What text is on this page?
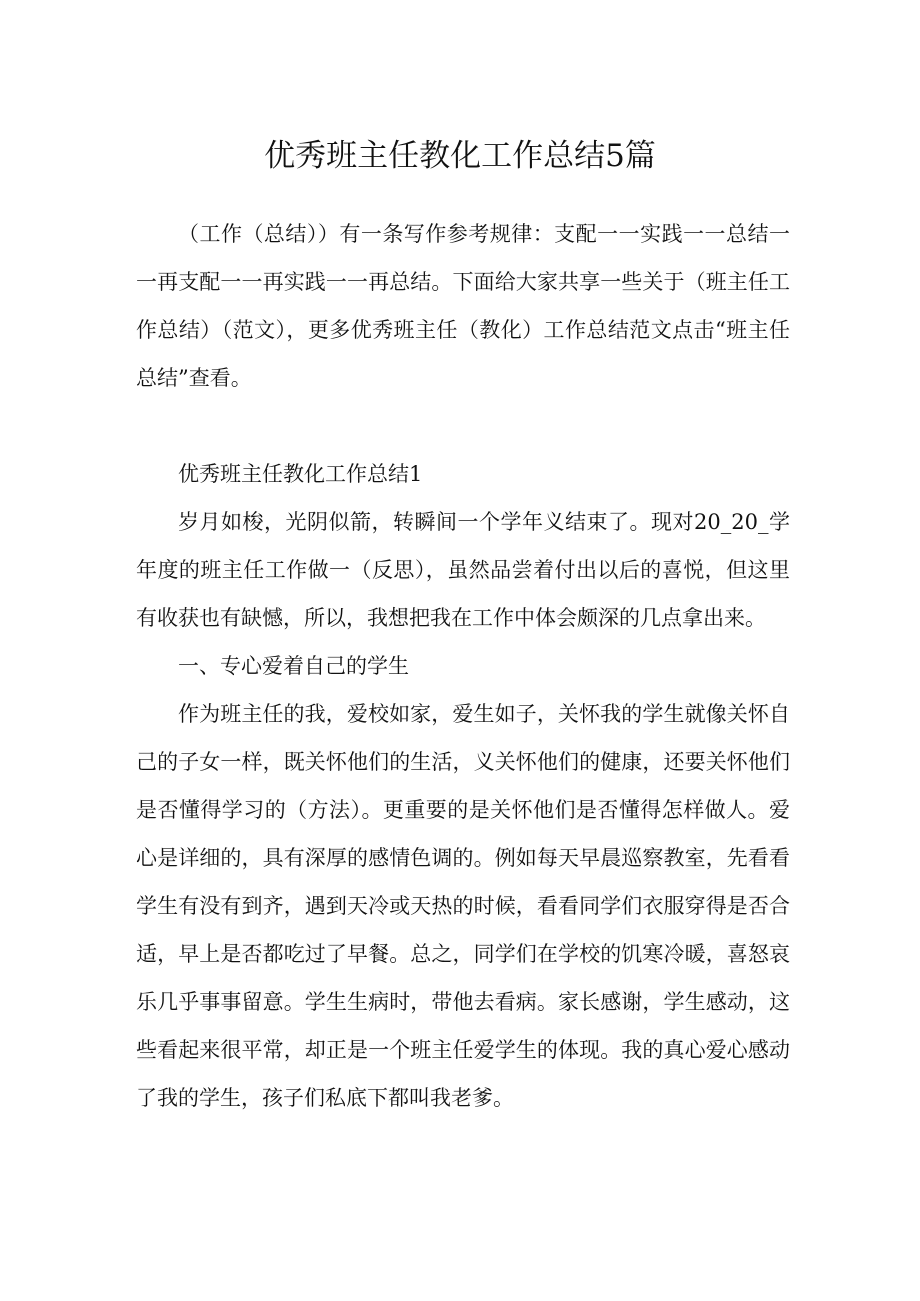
优秀班主任教化工作总结5篇

（工作（总结））有一条写作参考规律：支配一一实践一一总结一一再支配一一再实践一一再总结。下面给大家共享一些关于（班主任工作总结）（范文），更多优秀班主任（教化）工作总结范文点击“班主任总结”查看。

优秀班主任教化工作总结1

岁月如梭，光阴似箭，转瞬间一个学年义结束了。现对20_20_学年度的班主任工作做一（反思），虽然品尝着付出以后的喜悦，但这里有收获也有缺憾，所以，我想把我在工作中体会颇深的几点拿出来。

一、专心爱着自己的学生

作为班主任的我，爱校如家，爱生如子，关怀我的学生就像关怀自己的子女一样，既关怀他们的生活，义关怀他们的健康，还要关怀他们是否懂得学习的（方法）。更重要的是关怀他们是否懂得怎样做人。爱心是详细的，具有深厚的感情色调的。例如每天早晨巡察教室，先看看学生有没有到齐，遇到天冷或天热的时候，看看同学们衣服穿得是否合适，早上是否都吃过了早餐。总之，同学们在学校的饥寒冷暖，喜怒哀乐几乎事事留意。学生生病时，带他去看病。家长感谢，学生感动，这些看起来很平常，却正是一个班主任爱学生的体现。我的真心爱心感动了我的学生，孩子们私底下都叫我老爹。
